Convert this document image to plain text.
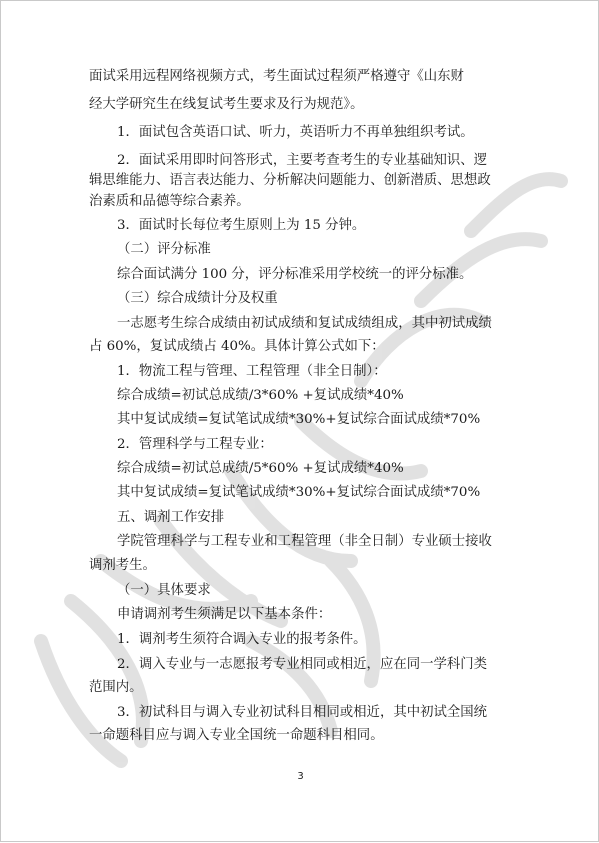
面试采用远程网络视频方式，考生面试过程须严格遵守《山东财
经大学研究生在线复试考生要求及行为规范》。
1．面试包含英语口试、听力，英语听力不再单独组织考试。
2．面试采用即时问答形式，主要考查考生的专业基础知识、逻
辑思维能力、语言表达能力、分析解决问题能力、创新潜质、思想政
治素质和品德等综合素养。
3．面试时长每位考生原则上为 15 分钟。
（二）评分标准
综合面试满分 100 分，评分标准采用学校统一的评分标准。
（三）综合成绩计分及权重
一志愿考生综合成绩由初试成绩和复试成绩组成，其中初试成绩
占 60%，复试成绩占 40%。具体计算公式如下：
1．物流工程与管理、工程管理（非全日制）：
综合成绩=初试总成绩/3*60% +复试成绩*40%
其中复试成绩=复试笔试成绩*30%+复试综合面试成绩*70%
2．管理科学与工程专业：
综合成绩=初试总成绩/5*60% +复试成绩*40%
其中复试成绩=复试笔试成绩*30%+复试综合面试成绩*70%
五、调剂工作安排
学院管理科学与工程专业和工程管理（非全日制）专业硕士接收
调剂考生。
（一）具体要求
申请调剂考生须满足以下基本条件：
1．调剂考生须符合调入专业的报考条件。
2．调入专业与一志愿报考专业相同或相近，应在同一学科门类
范围内。
3．初试科目与调入专业初试科目相同或相近，其中初试全国统
一命题科目应与调入专业全国统一命题科目相同。
3
